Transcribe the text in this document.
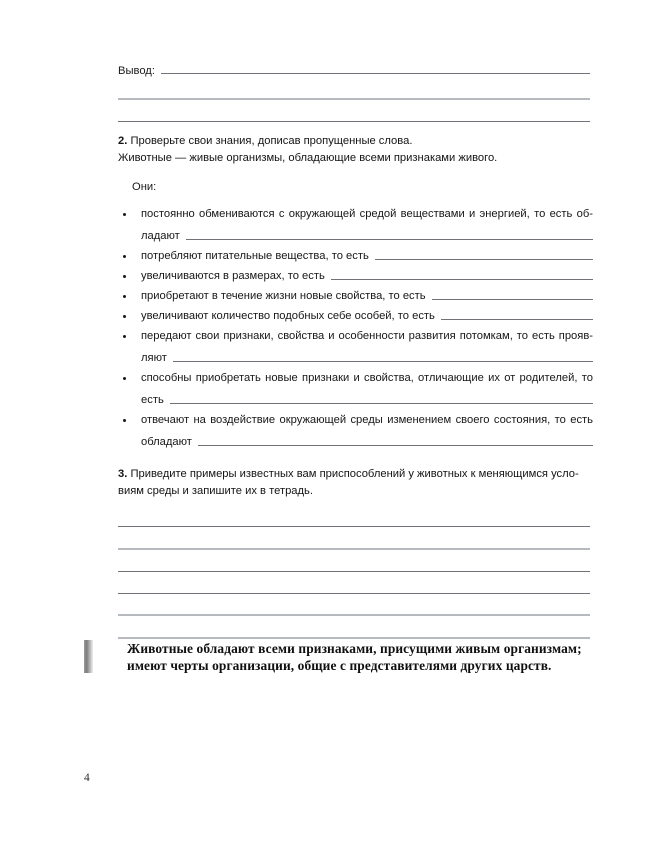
Вывод:
2. Проверьте свои знания, дописав пропущенные слова.
Животные — живые организмы, обладающие всеми признаками живого.
Они:
постоянно обмениваются с окружающей средой веществами и энергией, то есть об-
ладают
потребляют питательные вещества, то есть
увеличиваются в размерах, то есть
приобретают в течение жизни новые свойства, то есть
увеличивают количество подобных себе особей, то есть
передают свои признаки, свойства и особенности развития потомкам, то есть прояв-
ляют
способны приобретать новые признаки и свойства, отличающие их от родителей, то
есть
отвечают на воздействие окружающей среды изменением своего состояния, то есть
обладают
3. Приведите примеры известных вам приспособлений у животных к меняющимся усло-
виям среды и запишите их в тетрадь.
Животные обладают всеми признаками, присущими живым организмам;
имеют черты организации, общие с представителями других царств.
4
